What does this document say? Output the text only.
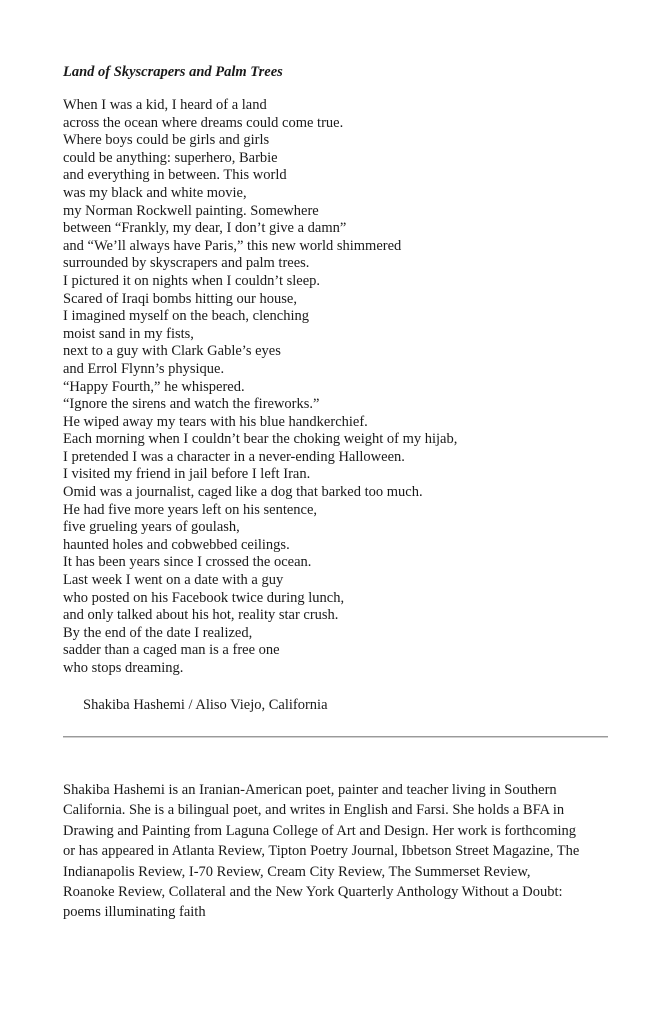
Land of Skyscrapers and Palm Trees
When I was a kid, I heard of a land
across the ocean where dreams could come true.
Where boys could be girls and girls
could be anything: superhero, Barbie
and everything in between. This world
was my black and white movie,
my Norman Rockwell painting. Somewhere
between “Frankly, my dear, I don’t give a damn”
and “We’ll always have Paris,” this new world shimmered
surrounded by skyscrapers and palm trees.
I pictured it on nights when I couldn’t sleep.
Scared of Iraqi bombs hitting our house,
I imagined myself on the beach, clenching
moist sand in my fists,
next to a guy with Clark Gable’s eyes
and Errol Flynn’s physique.
“Happy Fourth,” he whispered.
“Ignore the sirens and watch the fireworks.”
He wiped away my tears with his blue handkerchief.
Each morning when I couldn’t bear the choking weight of my hijab,
I pretended I was a character in a never-ending Halloween.
I visited my friend in jail before I left Iran.
Omid was a journalist, caged like a dog that barked too much.
He had five more years left on his sentence,
five grueling years of goulash,
haunted holes and cobwebbed ceilings.
It has been years since I crossed the ocean.
Last week I went on a date with a guy
who posted on his Facebook twice during lunch,
and only talked about his hot, reality star crush.
By the end of the date I realized,
sadder than a caged man is a free one
who stops dreaming.
Shakiba Hashemi / Aliso Viejo, California
Shakiba Hashemi is an Iranian-American poet, painter and teacher living in Southern
California. She is a bilingual poet, and writes in English and Farsi. She holds a BFA in
Drawing and Painting from Laguna College of Art and Design. Her work is forthcoming
or has appeared in Atlanta Review, Tipton Poetry Journal, Ibbetson Street Magazine, The
Indianapolis Review, I-70 Review, Cream City Review, The Summerset Review,
Roanoke Review, Collateral and the New York Quarterly Anthology Without a Doubt:
poems illuminating faith
